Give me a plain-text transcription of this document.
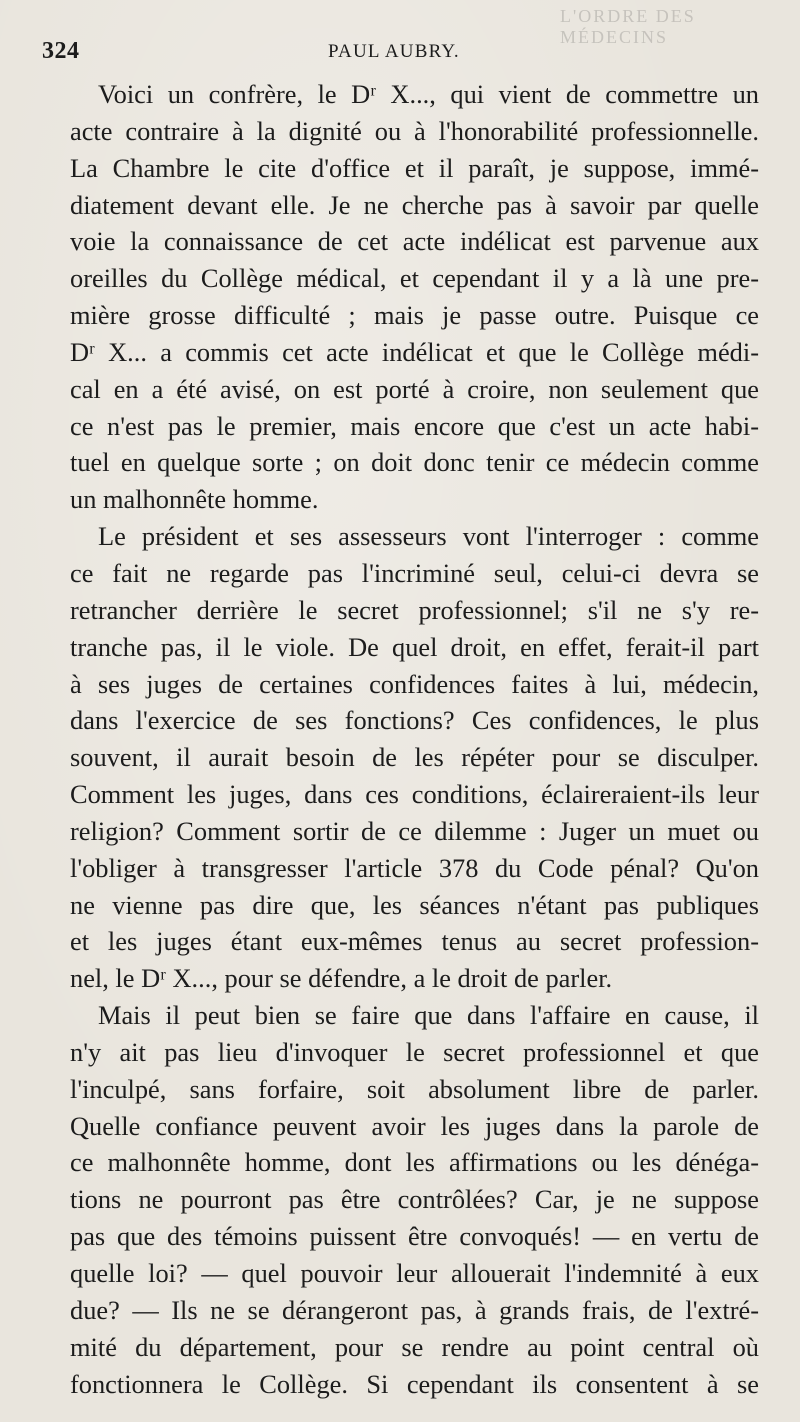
L'ORDRE DES MÉDECINS
324	PAUL AUBRY.
Voici un confrère, le Dʳ X..., qui vient de commettre un
acte contraire à la dignité ou à l'honorabilité professionnelle.
La Chambre le cite d'office et il paraît, je suppose, immé-
diatement devant elle. Je ne cherche pas à savoir par quelle
voie la connaissance de cet acte indélicat est parvenue aux
oreilles du Collège médical, et cependant il y a là une pre-
mière grosse difficulté ; mais je passe outre. Puisque ce
Dʳ X... a commis cet acte indélicat et que le Collège médi-
cal en a été avisé, on est porté à croire, non seulement que
ce n'est pas le premier, mais encore que c'est un acte habi-
tuel en quelque sorte ; on doit donc tenir ce médecin comme
un malhonnête homme.
Le président et ses assesseurs vont l'interroger : comme
ce fait ne regarde pas l'incriminé seul, celui-ci devra se
retrancher derrière le secret professionnel; s'il ne s'y re-
tranche pas, il le viole. De quel droit, en effet, ferait-il part
à ses juges de certaines confidences faites à lui, médecin,
dans l'exercice de ses fonctions? Ces confidences, le plus
souvent, il aurait besoin de les répéter pour se disculper.
Comment les juges, dans ces conditions, éclaireraient-ils leur
religion? Comment sortir de ce dilemme : Juger un muet ou
l'obliger à transgresser l'article 378 du Code pénal? Qu'on
ne vienne pas dire que, les séances n'étant pas publiques
et les juges étant eux-mêmes tenus au secret profession-
nel, le Dʳ X..., pour se défendre, a le droit de parler.
Mais il peut bien se faire que dans l'affaire en cause, il
n'y ait pas lieu d'invoquer le secret professionnel et que
l'inculpé, sans forfaire, soit absolument libre de parler.
Quelle confiance peuvent avoir les juges dans la parole de
ce malhonnête homme, dont les affirmations ou les dénéga-
tions ne pourront pas être contrôlées? Car, je ne suppose
pas que des témoins puissent être convoqués! — en vertu de
quelle loi? — quel pouvoir leur allouerait l'indemnité à eux
due? — Ils ne se dérangeront pas, à grands frais, de l'extré-
mité du département, pour se rendre au point central où
fonctionnera le Collège. Si cependant ils consentent à se
